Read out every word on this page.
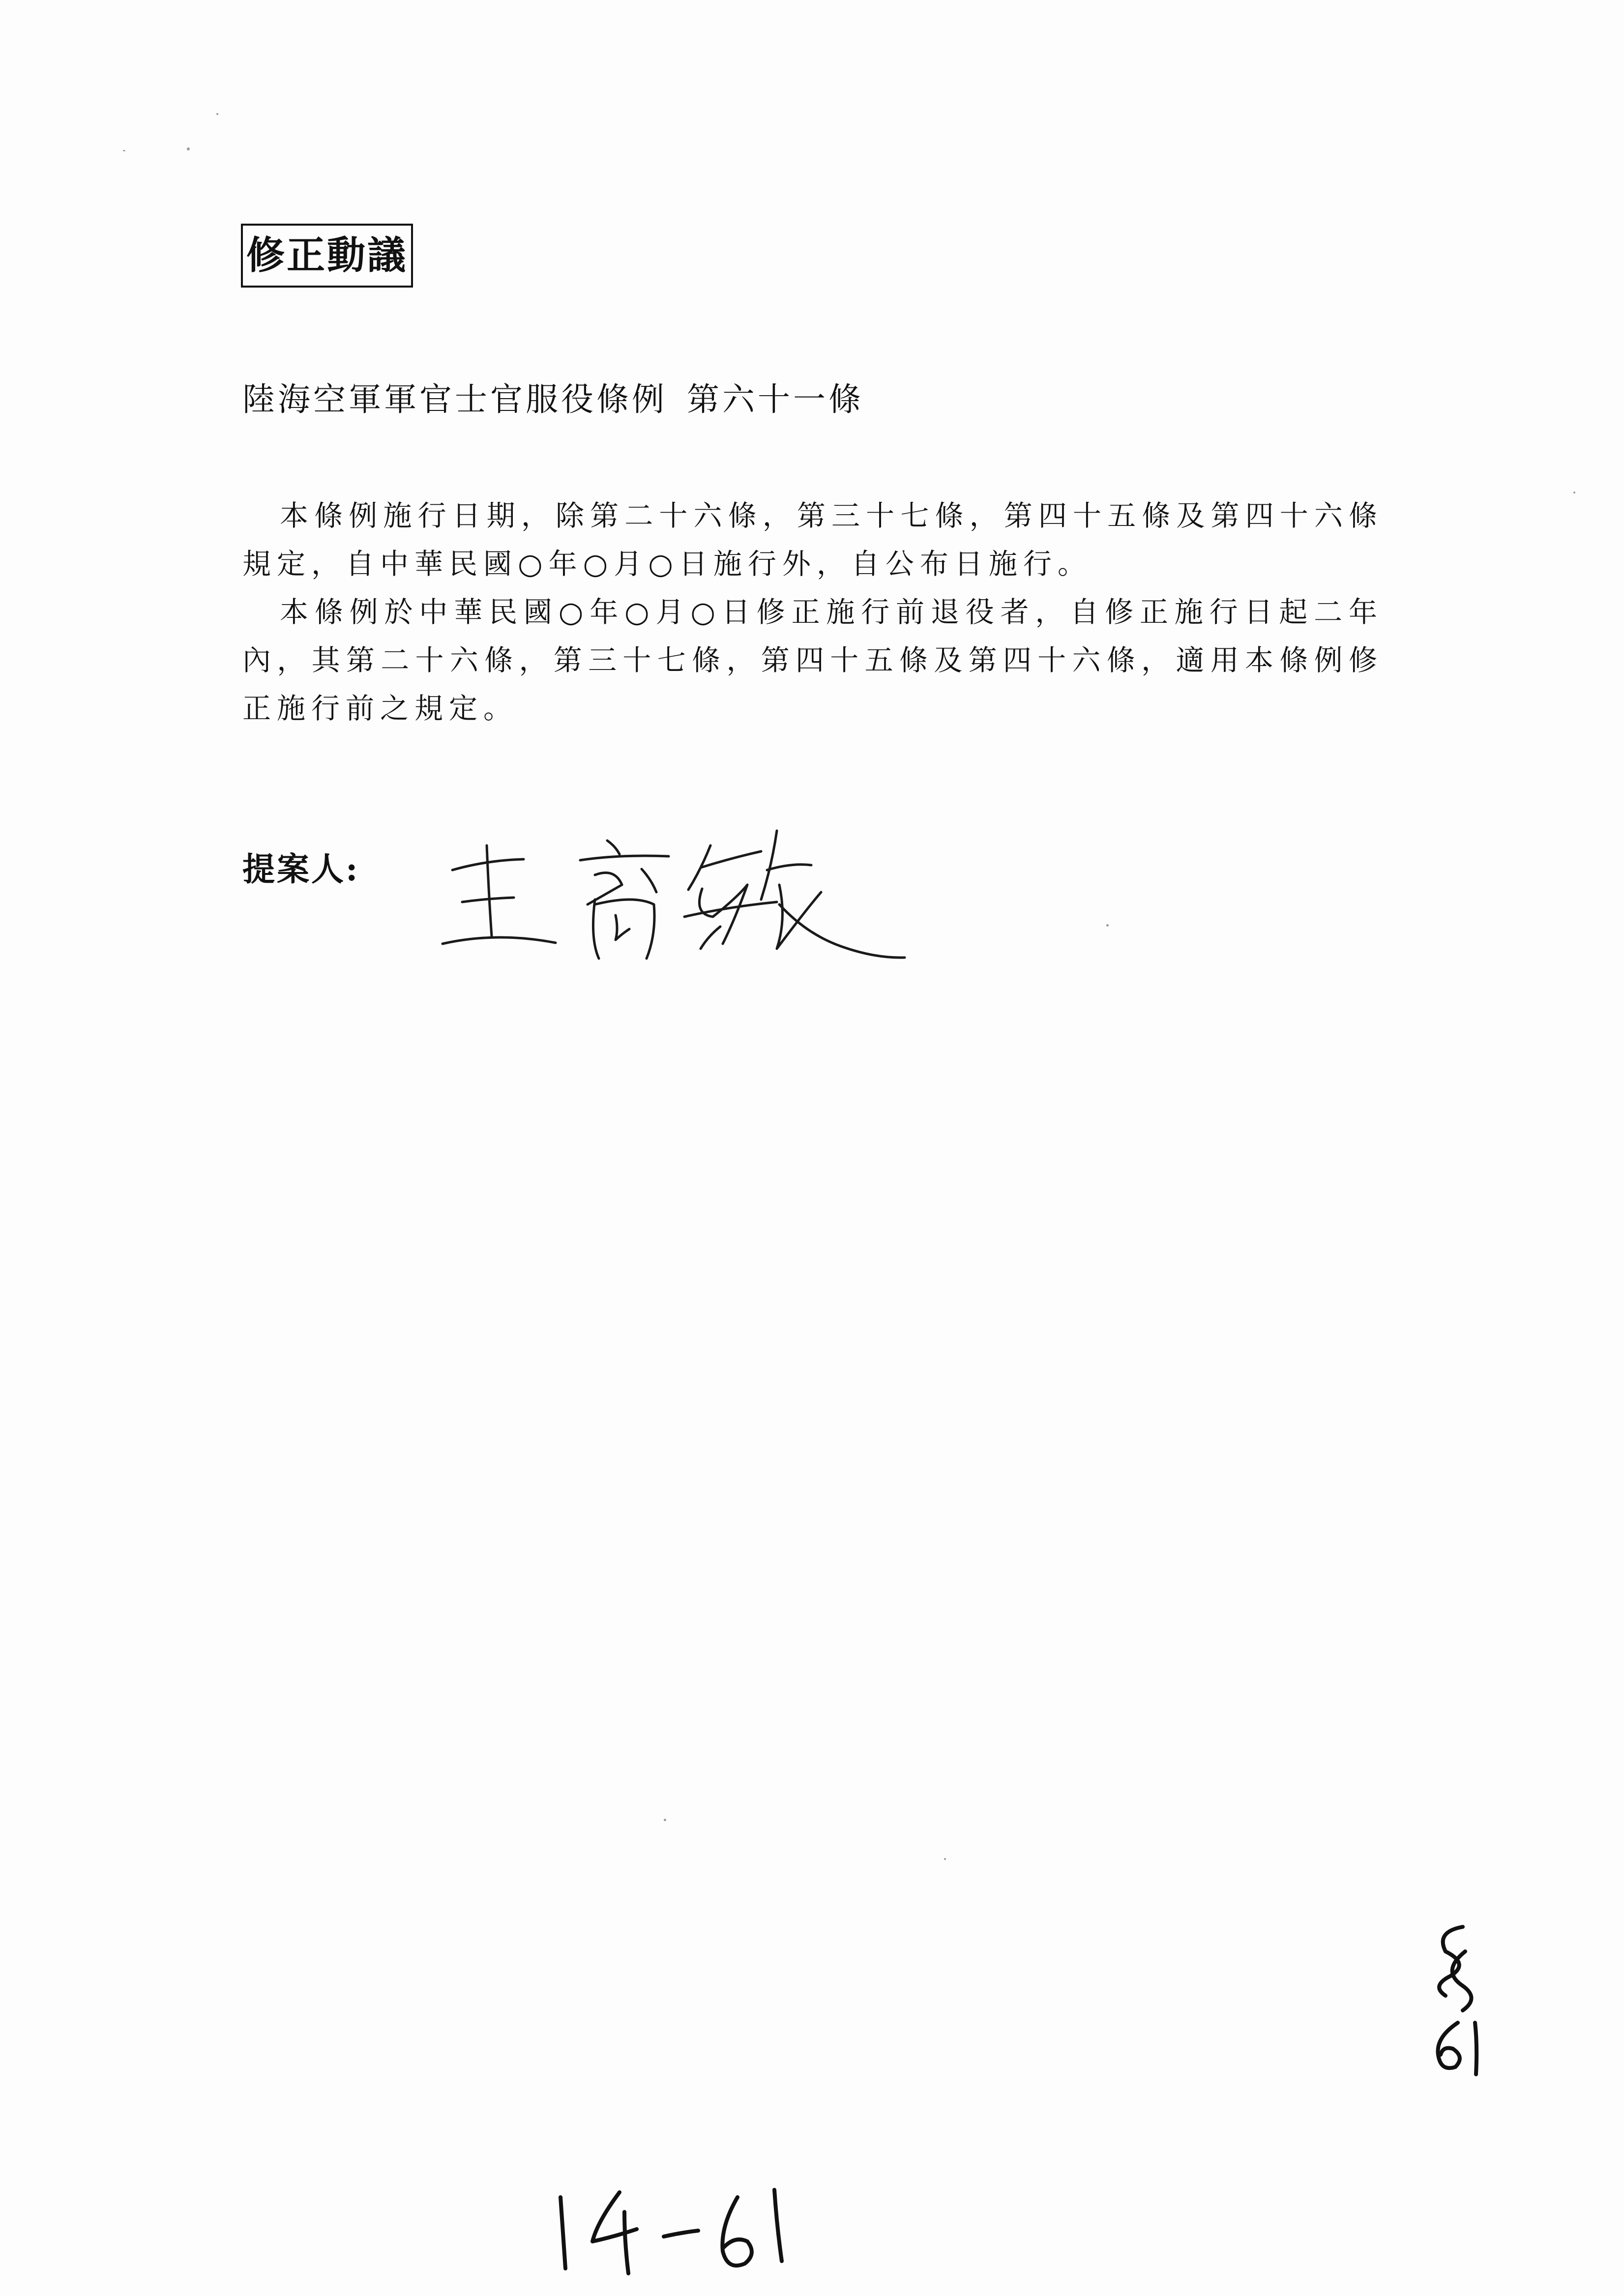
修正動議
陸海空軍軍官士官服役條例 第六十一條

本條例施行日期，除第二十六條，第三十七條，第四十五條及第四十六條規定，自中華民國○年○月○日施行外，自公布日施行。

本條例於中華民國○年○月○日修正施行前退役者，自修正施行日起二年內，其第二十六條，第三十七條，第四十五條及第四十六條，適用本條例修正施行前之規定。

提案人:
